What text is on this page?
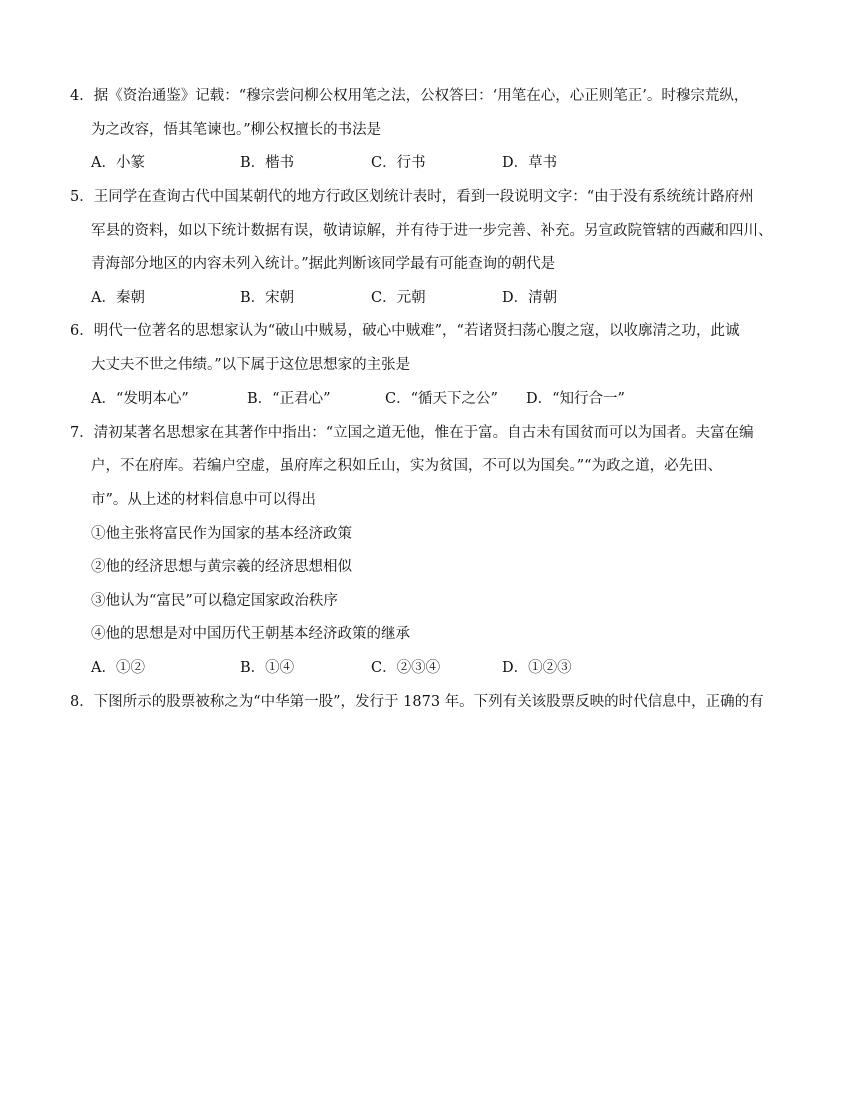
4．据《资治通鉴》记载：“穆宗尝问柳公权用笔之法，公权答曰：‘用笔在心，心正则笔正’。时穆宗荒纵，
为之改容，悟其笔谏也。”柳公权擅长的书法是
A．小篆	B．楷书	C．行书	D．草书
5．王同学在查询古代中国某朝代的地方行政区划统计表时，看到一段说明文字：“由于没有系统统计路府州
军县的资料，如以下统计数据有误，敬请谅解，并有待于进一步完善、补充。另宣政院管辖的西藏和四川、
青海部分地区的内容未列入统计。”据此判断该同学最有可能查询的朝代是
A．秦朝	B．宋朝	C．元朝	D．清朝
6．明代一位著名的思想家认为“破山中贼易，破心中贼难”，“若诸贤扫荡心腹之寇，以收廓清之功，此诚
大丈夫不世之伟绩。”以下属于这位思想家的主张是
A．“发明本心”	B．“正君心”	C．“循天下之公” D．“知行合一”
7．清初某著名思想家在其著作中指出：“立国之道无他，惟在于富。自古未有国贫而可以为国者。夫富在编
户，不在府库。若编户空虚，虽府库之积如丘山，实为贫国，不可以为国矣。”“为政之道，必先田、
市”。从上述的材料信息中可以得出
①他主张将富民作为国家的基本经济政策
②他的经济思想与黄宗羲的经济思想相似
③他认为“富民”可以稳定国家政治秩序
④他的思想是对中国历代王朝基本经济政策的继承
A．①②	B．①④	C．②③④	D．①②③
8．下图所示的股票被称之为“中华第一股”，发行于 1873 年。下列有关该股票反映的时代信息中，正确的有
